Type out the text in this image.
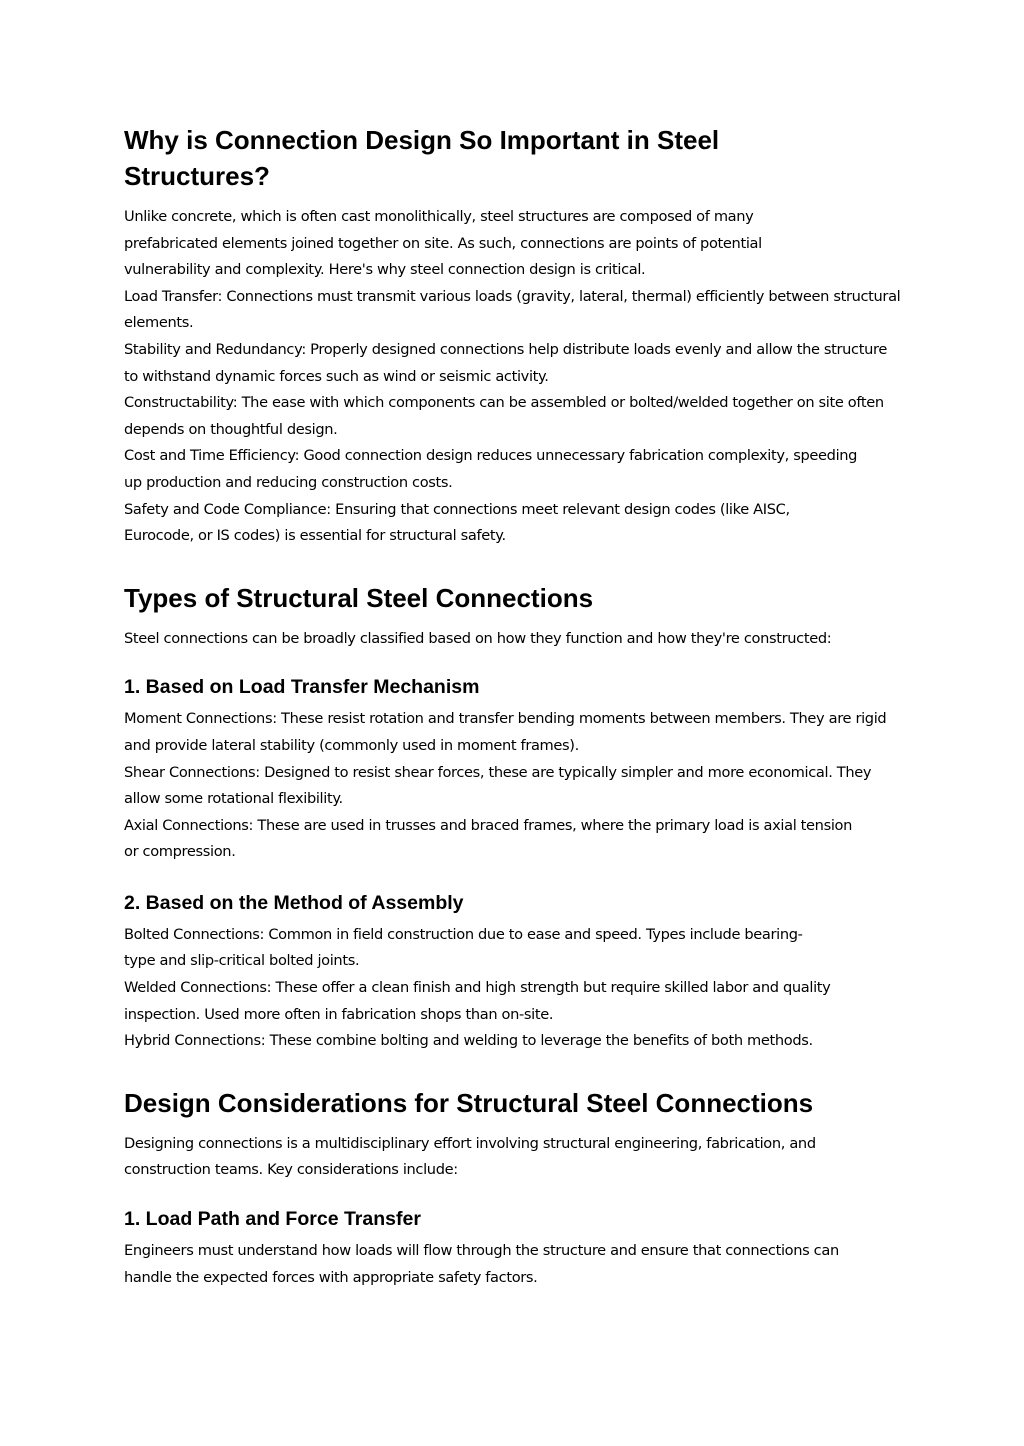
Why is Connection Design So Important in Steel Structures?

Unlike concrete, which is often cast monolithically, steel structures are composed of many prefabricated elements joined together on site. As such, connections are points of potential vulnerability and complexity. Here's why steel connection design is critical.

Load Transfer: Connections must transmit various loads (gravity, lateral, thermal) efficiently between structural elements.

Stability and Redundancy: Properly designed connections help distribute loads evenly and allow the structure to withstand dynamic forces such as wind or seismic activity.

Constructability: The ease with which components can be assembled or bolted/welded together on site often depends on thoughtful design.

Cost and Time Efficiency: Good connection design reduces unnecessary fabrication complexity, speeding up production and reducing construction costs.

Safety and Code Compliance: Ensuring that connections meet relevant design codes (like AISC, Eurocode, or IS codes) is essential for structural safety.

Types of Structural Steel Connections

Steel connections can be broadly classified based on how they function and how they're constructed:

1. Based on Load Transfer Mechanism

Moment Connections: These resist rotation and transfer bending moments between members. They are rigid and provide lateral stability (commonly used in moment frames).

Shear Connections: Designed to resist shear forces, these are typically simpler and more economical. They allow some rotational flexibility.

Axial Connections: These are used in trusses and braced frames, where the primary load is axial tension or compression.

2. Based on the Method of Assembly

Bolted Connections: Common in field construction due to ease and speed. Types include bearing-type and slip-critical bolted joints.

Welded Connections: These offer a clean finish and high strength but require skilled labor and quality inspection. Used more often in fabrication shops than on-site.

Hybrid Connections: These combine bolting and welding to leverage the benefits of both methods.

Design Considerations for Structural Steel Connections

Designing connections is a multidisciplinary effort involving structural engineering, fabrication, and construction teams. Key considerations include:

1. Load Path and Force Transfer

Engineers must understand how loads will flow through the structure and ensure that connections can handle the expected forces with appropriate safety factors.
